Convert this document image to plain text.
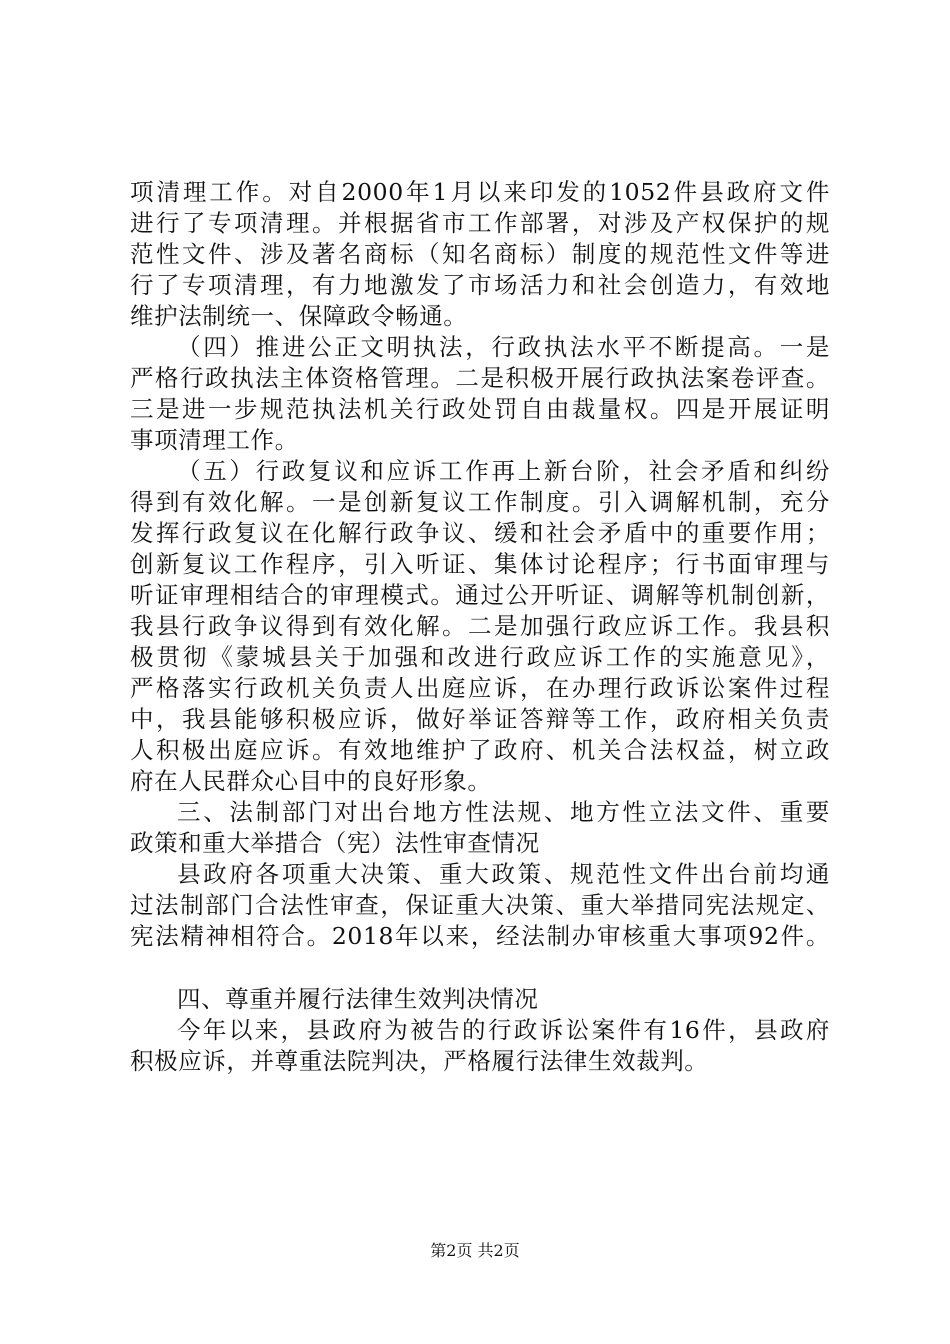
项清理工作。对自2000年1月以来印发的1052件县政府文件
进行了专项清理。并根据省市工作部署，对涉及产权保护的规
范性文件、涉及著名商标（知名商标）制度的规范性文件等进
行了专项清理，有力地激发了市场活力和社会创造力，有效地
维护法制统一、保障政令畅通。
（四）推进公正文明执法，行政执法水平不断提高。一是
严格行政执法主体资格管理。二是积极开展行政执法案卷评查。
三是进一步规范执法机关行政处罚自由裁量权。四是开展证明
事项清理工作。
（五）行政复议和应诉工作再上新台阶，社会矛盾和纠纷
得到有效化解。一是创新复议工作制度。引入调解机制，充分
发挥行政复议在化解行政争议、缓和社会矛盾中的重要作用；
创新复议工作程序，引入听证、集体讨论程序；行书面审理与
听证审理相结合的审理模式。通过公开听证、调解等机制创新，
我县行政争议得到有效化解。二是加强行政应诉工作。我县积
极贯彻《蒙城县关于加强和改进行政应诉工作的实施意见》，
严格落实行政机关负责人出庭应诉，在办理行政诉讼案件过程
中，我县能够积极应诉，做好举证答辩等工作，政府相关负责
人积极出庭应诉。有效地维护了政府、机关合法权益，树立政
府在人民群众心目中的良好形象。
三、法制部门对出台地方性法规、地方性立法文件、重要
政策和重大举措合（宪）法性审查情况
县政府各项重大决策、重大政策、规范性文件出台前均通
过法制部门合法性审查，保证重大决策、重大举措同宪法规定、
宪法精神相符合。2018年以来，经法制办审核重大事项92件。
四、尊重并履行法律生效判决情况
今年以来，县政府为被告的行政诉讼案件有16件，县政府
积极应诉，并尊重法院判决，严格履行法律生效裁判。
第2页 共2页
